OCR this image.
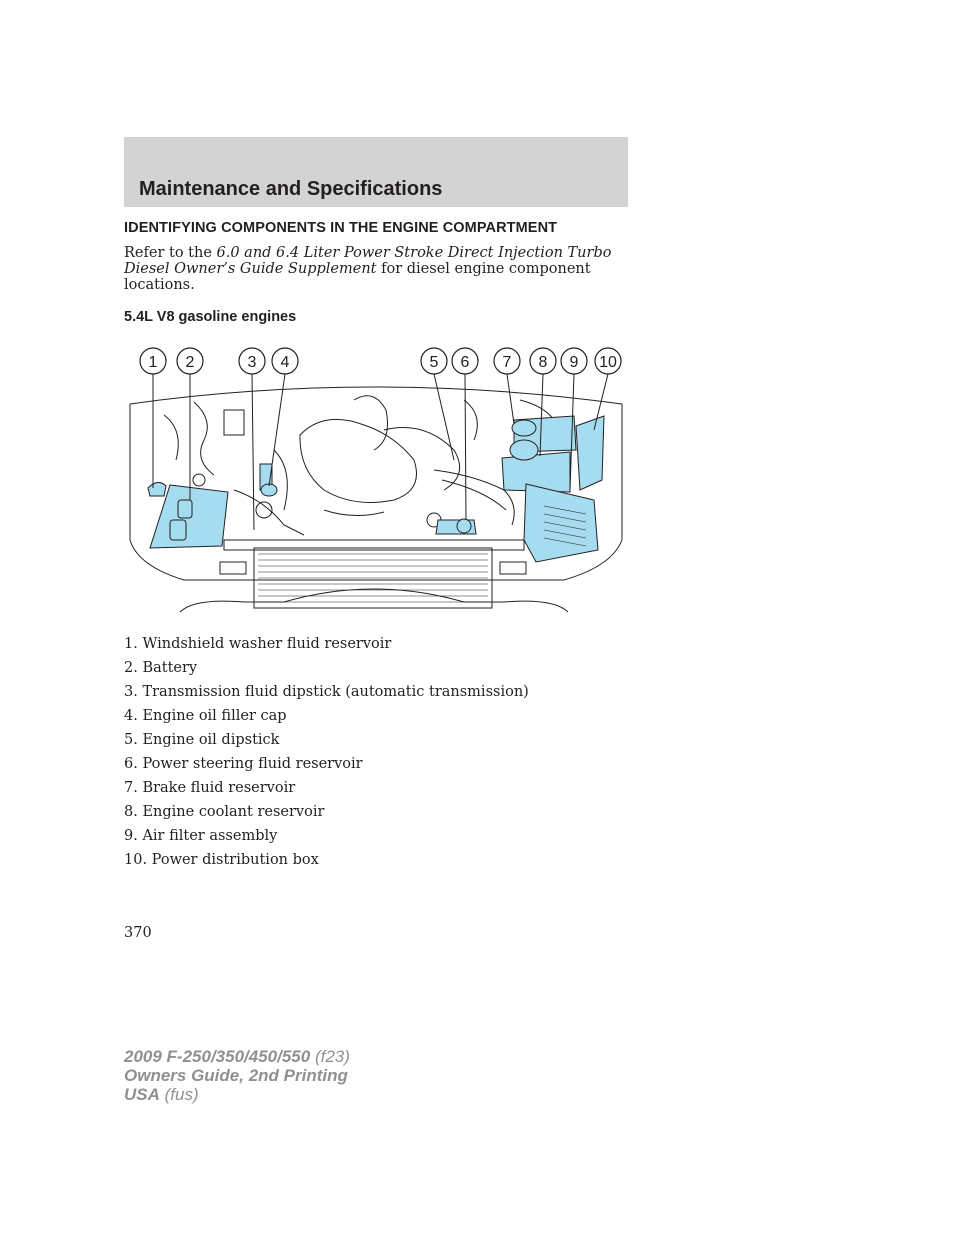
Maintenance and Specifications
IDENTIFYING COMPONENTS IN THE ENGINE COMPARTMENT

Refer to the 6.0 and 6.4 Liter Power Stroke Direct Injection Turbo Diesel Owner’s Guide Supplement for diesel engine component locations.

5.4L V8 gasoline engines
1 2	3 4	5 6 7 8 9 10
1. Windshield washer fluid reservoir
2. Battery
3. Transmission fluid dipstick (automatic transmission)
4. Engine oil filler cap
5. Engine oil dipstick
6. Power steering fluid reservoir
7. Brake fluid reservoir
8. Engine coolant reservoir
9. Air filter assembly
10. Power distribution box
370
2009 F-250/350/450/550 (f23)
Owners Guide, 2nd Printing
USA (fus)
